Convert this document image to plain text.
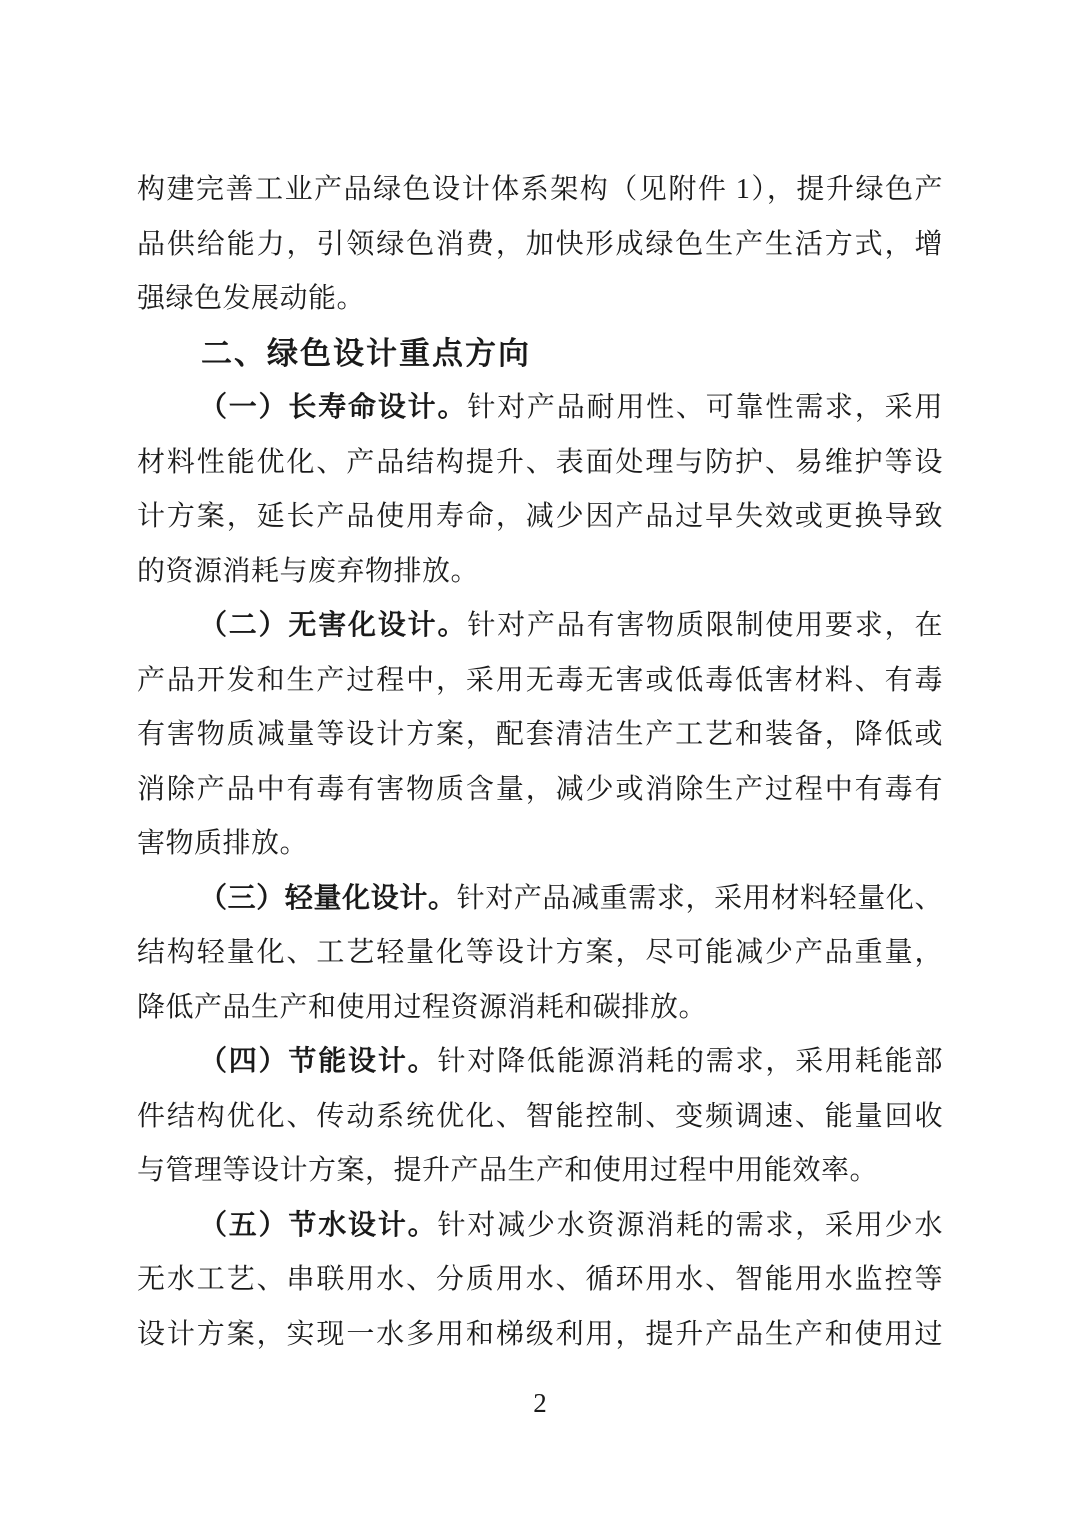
构建完善工业产品绿色设计体系架构（见附件 1），提升绿色产
品供给能力，引领绿色消费，加快形成绿色生产生活方式，增
强绿色发展动能。
二、绿色设计重点方向
（一）长寿命设计。针对产品耐用性、可靠性需求，采用
材料性能优化、产品结构提升、表面处理与防护、易维护等设
计方案，延长产品使用寿命，减少因产品过早失效或更换导致
的资源消耗与废弃物排放。
（二）无害化设计。针对产品有害物质限制使用要求，在
产品开发和生产过程中，采用无毒无害或低毒低害材料、有毒
有害物质减量等设计方案，配套清洁生产工艺和装备，降低或
消除产品中有毒有害物质含量，减少或消除生产过程中有毒有
害物质排放。
（三）轻量化设计。针对产品减重需求，采用材料轻量化、
结构轻量化、工艺轻量化等设计方案，尽可能减少产品重量，
降低产品生产和使用过程资源消耗和碳排放。
（四）节能设计。针对降低能源消耗的需求，采用耗能部
件结构优化、传动系统优化、智能控制、变频调速、能量回收
与管理等设计方案，提升产品生产和使用过程中用能效率。
（五）节水设计。针对减少水资源消耗的需求，采用少水
无水工艺、串联用水、分质用水、循环用水、智能用水监控等
设计方案，实现一水多用和梯级利用，提升产品生产和使用过
2
